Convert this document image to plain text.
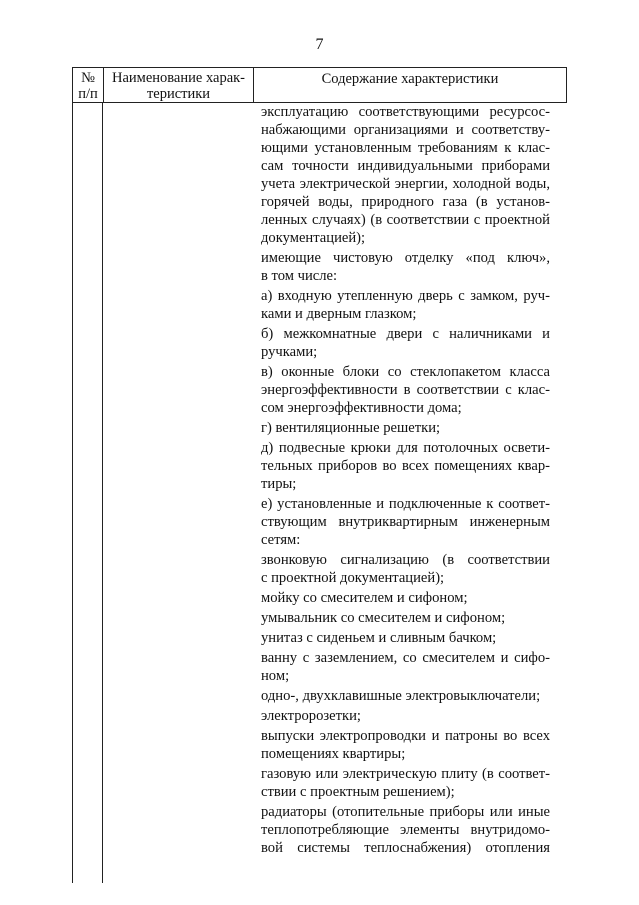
7
№
п/п
Наименование харак-
теристики
Содержание характеристики
эксплуатацию соответствующими ресурсос-
набжающими организациями и соответству-
ющими установленным требованиям к клас-
сам точности индивидуальными приборами
учета электрической энергии, холодной воды,
горячей воды, природного газа (в установ-
ленных случаях) (в соответствии с проектной
документацией);
имеющие чистовую отделку «под ключ»,
в том числе:
а) входную утепленную дверь с замком, руч-
ками и дверным глазком;
б) межкомнатные двери с наличниками и
ручками;
в) оконные блоки со стеклопакетом класса
энергоэффективности в соответствии с клас-
сом энергоэффективности дома;
г) вентиляционные решетки;
д) подвесные крюки для потолочных освети-
тельных приборов во всех помещениях квар-
тиры;
е) установленные и подключенные к соответ-
ствующим внутриквартирным инженерным
сетям:
звонковую сигнализацию (в соответствии
с проектной документацией);
мойку со смесителем и сифоном;
умывальник со смесителем и сифоном;
унитаз с сиденьем и сливным бачком;
ванну с заземлением, со смесителем и сифо-
ном;
одно-, двухклавишные электровыключатели;
электророзетки;
выпуски электропроводки и патроны во всех
помещениях квартиры;
газовую или электрическую плиту (в соответ-
ствии с проектным решением);
радиаторы (отопительные приборы или иные
теплопотребляющие элементы внутридомо-
вой системы теплоснабжения) отопления
